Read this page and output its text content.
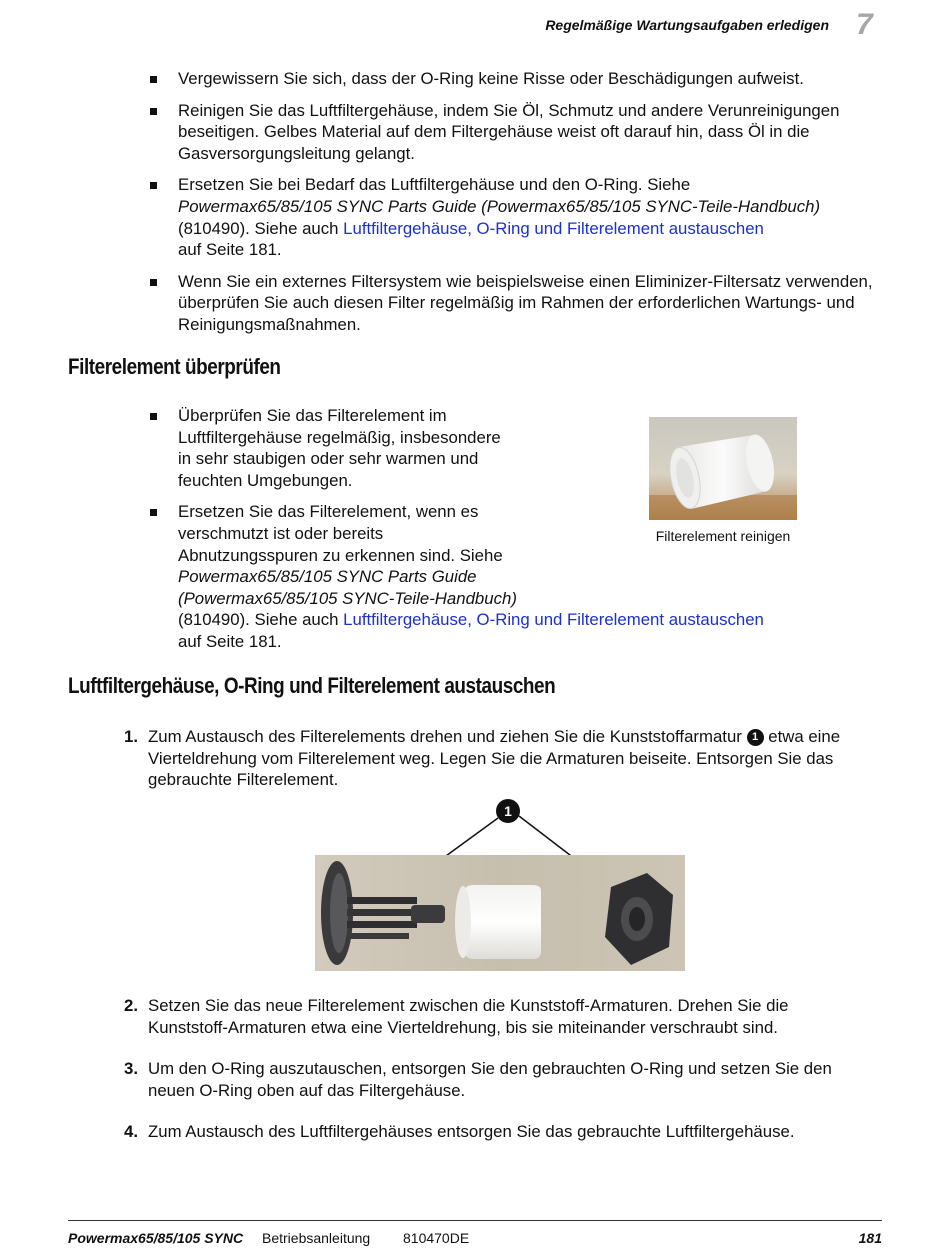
Regelmäßige Wartungsaufgaben erledigen 7
Vergewissern Sie sich, dass der O-Ring keine Risse oder Beschädigungen aufweist.
Reinigen Sie das Luftfiltergehäuse, indem Sie Öl, Schmutz und andere Verunreinigungen beseitigen. Gelbes Material auf dem Filtergehäuse weist oft darauf hin, dass Öl in die Gasversorgungsleitung gelangt.
Ersetzen Sie bei Bedarf das Luftfiltergehäuse und den O-Ring. Siehe
Powermax65/85/105 SYNC Parts Guide (Powermax65/85/105 SYNC-Teile-Handbuch)
(810490). Siehe auch Luftfiltergehäuse, O-Ring und Filterelement austauschen
auf Seite 181.
Wenn Sie ein externes Filtersystem wie beispielsweise einen Eliminizer-Filtersatz verwenden, überprüfen Sie auch diesen Filter regelmäßig im Rahmen der erforderlichen Wartungs- und Reinigungsmaßnahmen.
Filterelement überprüfen
Überprüfen Sie das Filterelement im Luftfiltergehäuse regelmäßig, insbesondere in sehr staubigen oder sehr warmen und feuchten Umgebungen.
Ersetzen Sie das Filterelement, wenn es verschmutzt ist oder bereits Abnutzungsspuren zu erkennen sind. Siehe Powermax65/85/105 SYNC Parts Guide (Powermax65/85/105 SYNC-Teile-Handbuch)
(810490). Siehe auch Luftfiltergehäuse, O-Ring und Filterelement austauschen
auf Seite 181.
Filterelement reinigen
Luftfiltergehäuse, O-Ring und Filterelement austauschen
1. Zum Austausch des Filterelements drehen und ziehen Sie die Kunststoffarmatur 1 etwa eine Vierteldrehung vom Filterelement weg. Legen Sie die Armaturen beiseite. Entsorgen Sie das gebrauchte Filterelement.
1
2. Setzen Sie das neue Filterelement zwischen die Kunststoff-Armaturen. Drehen Sie die Kunststoff-Armaturen etwa eine Vierteldrehung, bis sie miteinander verschraubt sind.
3. Um den O-Ring auszutauschen, entsorgen Sie den gebrauchten O-Ring und setzen Sie den neuen O-Ring oben auf das Filtergehäuse.
4. Zum Austausch des Luftfiltergehäuses entsorgen Sie das gebrauchte Luftfiltergehäuse.
Powermax65/85/105 SYNC Betriebsanleitung 810470DE	181
